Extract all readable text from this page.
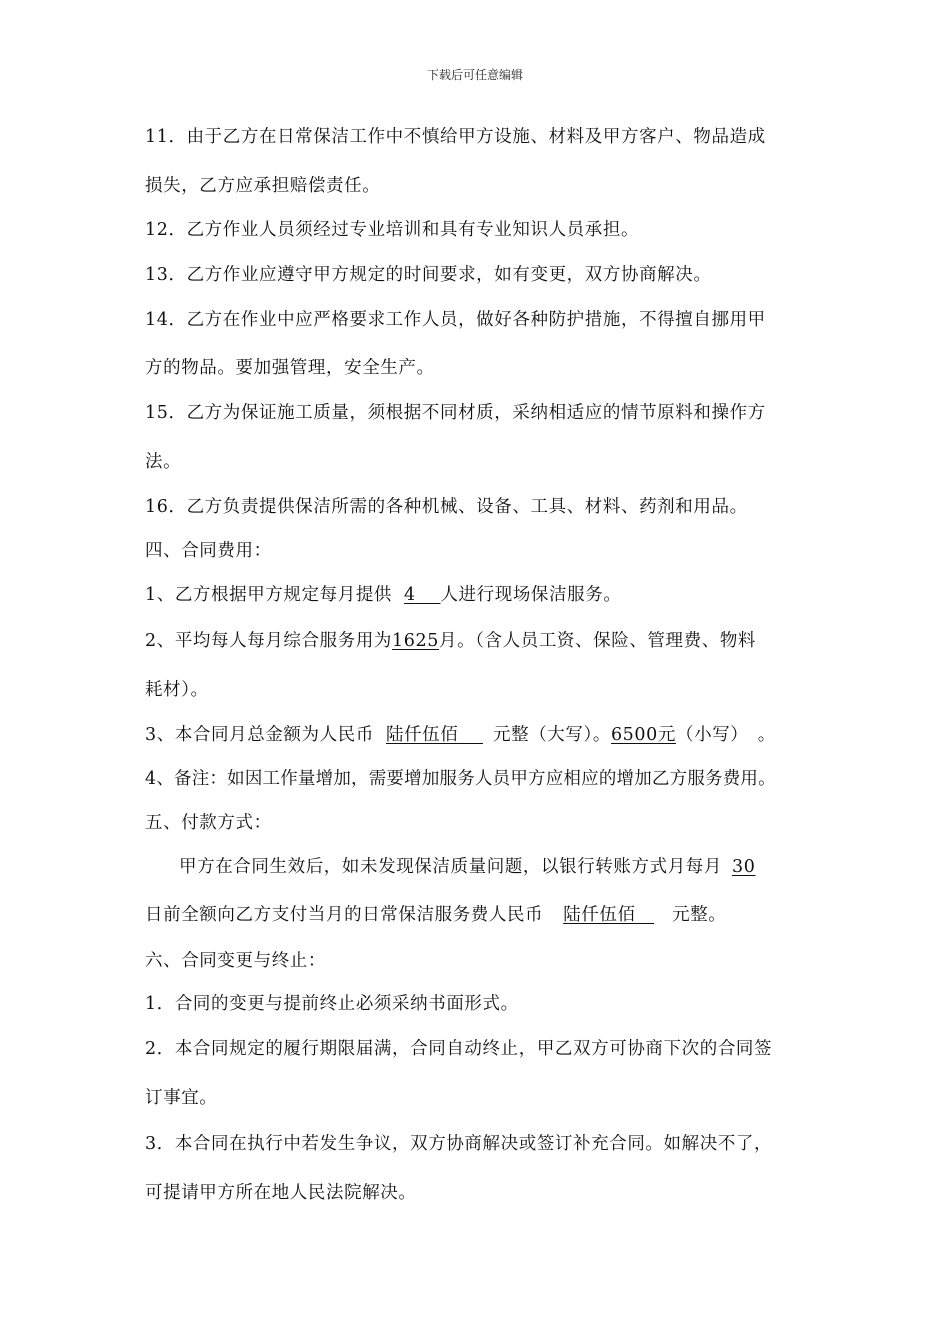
下载后可任意编辑
11．由于乙方在日常保洁工作中不慎给甲方设施、材料及甲方客户、物品造成
损失，乙方应承担赔偿责任。
12．乙方作业人员须经过专业培训和具有专业知识人员承担。
13．乙方作业应遵守甲方规定的时间要求，如有变更，双方协商解决。
14．乙方在作业中应严格要求工作人员，做好各种防护措施，不得擅自挪用甲
方的物品。要加强管理，安全生产。
15．乙方为保证施工质量，须根据不同材质，采纳相适应的情节原料和操作方
法。
16．乙方负责提供保洁所需的各种机械、设备、工具、材料、药剂和用品。
四、合同费用：
1、乙方根据甲方规定每月提供 4 人进行现场保洁服务。
2、平均每人每月综合服务用为1625月。（含人员工资、保险、管理费、物料
耗材）。
3、本合同月总金额为人民币 陆仟伍佰 元整（大写）。6500元（小写）　。
4、备注：如因工作量增加，需要增加服务人员甲方应相应的增加乙方服务费用。
五、付款方式：
甲方在合同生效后，如未发现保洁质量问题，以银行转账方式月每月 30
日前全额向乙方支付当月的日常保洁服务费人民币 陆仟伍佰 元整。
六、合同变更与终止：
1．合同的变更与提前终止必须采纳书面形式。
2．本合同规定的履行期限届满，合同自动终止，甲乙双方可协商下次的合同签
订事宜。
3．本合同在执行中若发生争议，双方协商解决或签订补充合同。如解决不了，
可提请甲方所在地人民法院解决。
